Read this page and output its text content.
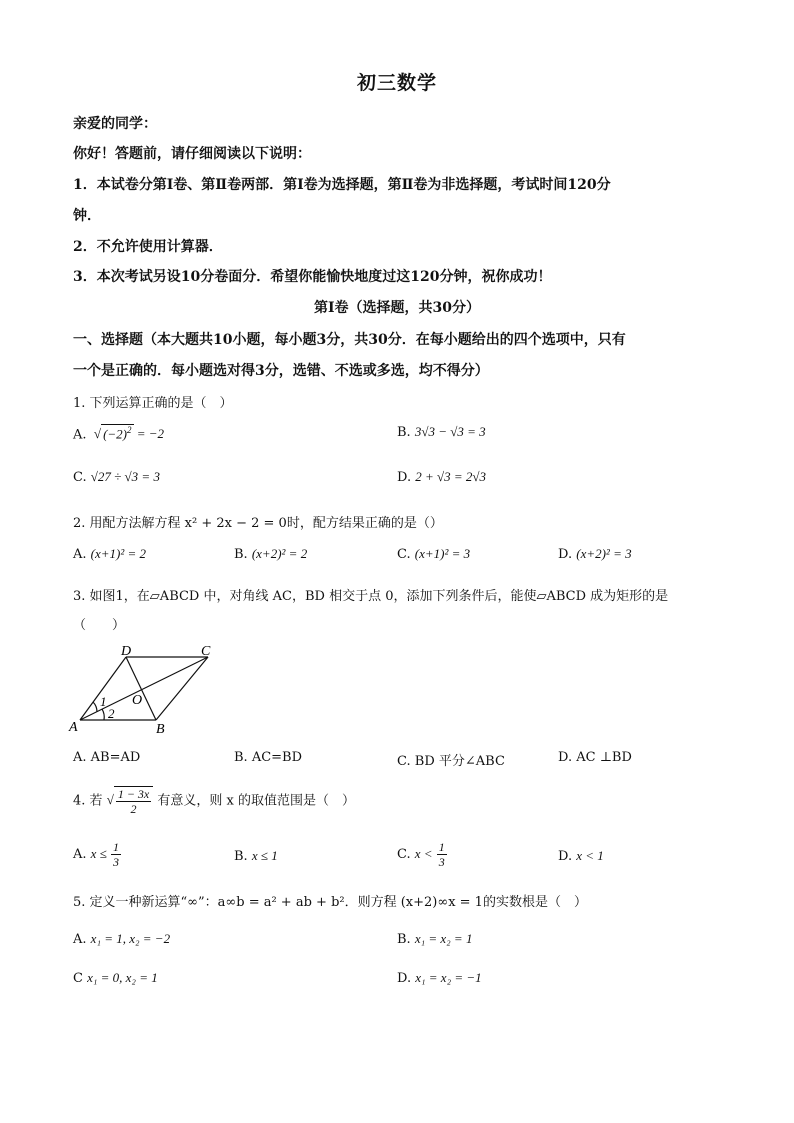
初三数学
亲爱的同学：
你好！答题前，请仔细阅读以下说明：
1．本试卷分第Ⅰ卷、第Ⅱ卷两部．第Ⅰ卷为选择题，第Ⅱ卷为非选择题，考试时间120分
钟．
2．不允许使用计算器．
3．本次考试另设10分卷面分．希望你能愉快地度过这120分钟，祝你成功！
第Ⅰ卷（选择题，共30分）
一、选择题（本大题共10小题，每小题3分，共30分．在每小题给出的四个选项中，只有
一个是正确的．每小题选对得3分，选错、不选或多选，均不得分）
1. 下列运算正确的是（　）
A.  √ $(-2)^2 = -2$	B. 3√3 − √3 = 3
C. √27 ÷ √3 = 3	D. 2 + √3 = 2√3
2. 用配方法解方程 x² + 2x − 2 = 0时，配方结果正确的是（）
A. (x+1)² = 2	B. (x+2)² = 2	C. (x+1)² = 3	D. (x+2)² = 3
3. 如图1，在▱ABCD 中，对角线 AC，BD 相交于点 0，添加下列条件后，能使▱ABCD 成为矩形的是
（　　）
A	B
C
D
O
1
2
A. AB=AD	B. AC=BD	C. BD 平分∠ABC	D. AC ⊥BD
4. 若 √ $\frac{1 - 3x}{2}$ 有意义，则 x 的取值范围是（　）
A. $x \le \frac{1}{3}$	B. x ≤ 1	C. $x < \frac{1}{3}$	D. x < 1
5. 定义一种新运算“∞”：a∞b = a² + ab + b²．则方程 (x+2)∞x = 1的实数根是（　）
A. x₁ = 1, x₂ = −2	B. x₁ = x₂ = 1
C x₁ = 0, x₂ = 1	D. x₁ = x₂ = −1
